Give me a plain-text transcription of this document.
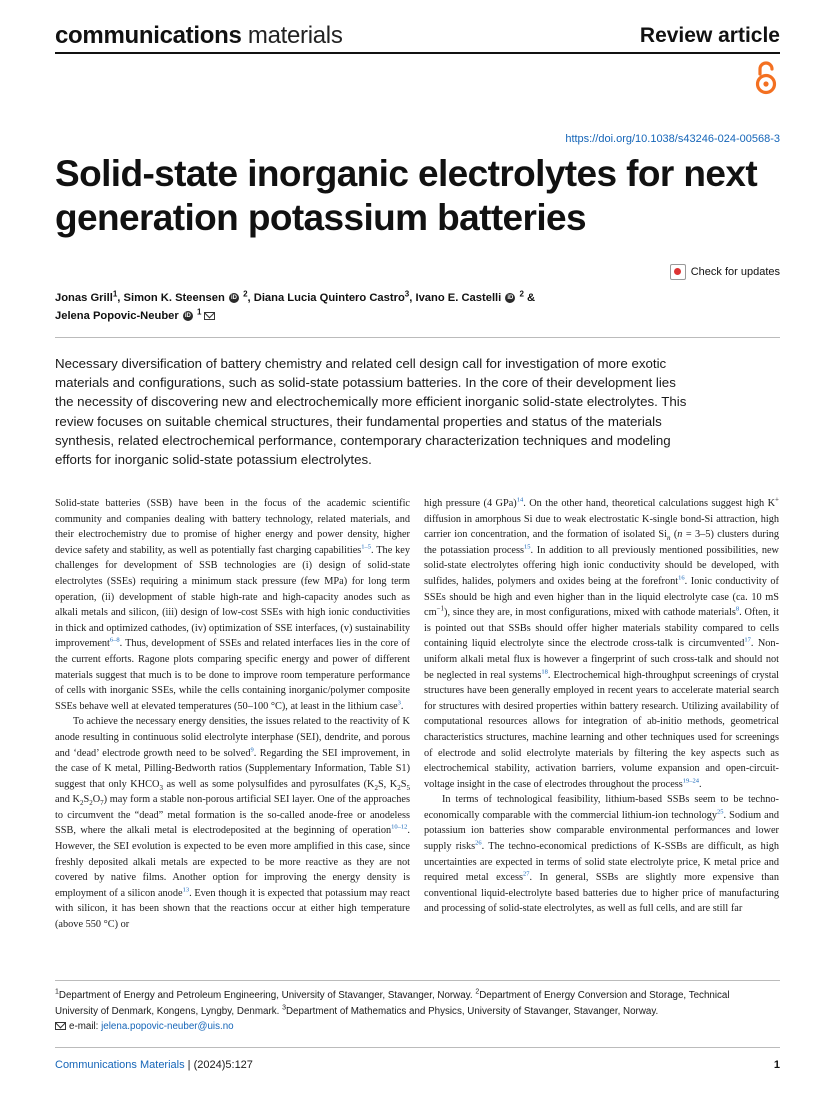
communications materials	Review article
https://doi.org/10.1038/s43246-024-00568-3
Solid-state inorganic electrolytes for next generation potassium batteries
Check for updates
Jonas Grill$^1$, Simon K. Steensen iD $^2$, Diana Lucia Quintero Castro$^3$, Ivano E. Castelli iD $^2$ &
Jelena Popovic-Neuber iD $^1$

Necessary diversification of battery chemistry and related cell design call for investigation of more exotic materials and configurations, such as solid-state potassium batteries. In the core of their development lies the necessity of discovering new and electrochemically more efficient inorganic solid-state electrolytes. This review focuses on suitable chemical structures, their fundamental properties and status of the materials synthesis, related electrochemical performance, contemporary characterization techniques and modeling efforts for inorganic solid-state potassium electrolytes.

Solid-state batteries (SSB) have been in the focus of the academic scientific community and companies dealing with battery technology, related materials, and their electrochemistry due to promise of higher energy and power density, higher device safety and stability, as well as potentially fast charging capabilities$^{1-5}$. The key challenges for development of SSB technologies are (i) design of solid-state electrolytes (SSEs) requiring a minimum stack pressure (few MPa) for long term operation, (ii) development of stable high-rate and high-capacity anodes such as alkali metals and silicon, (iii) design of low-cost SSEs with high ionic conductivities in thick and optimized cathodes, (iv) optimization of SSE interfaces, (v) sustainability improvement$^{6-8}$. Thus, development of SSEs and related interfaces lies in the core of the current efforts. Ragone plots comparing specific energy and power of different materials suggest that much is to be done to improve room temperature performance of cells with inorganic SSEs, while the cells containing inorganic/polymer composite SSEs behave well at elevated temperatures (50–100 °C), at least in the lithium case$^3$.

To achieve the necessary energy densities, the issues related to the reactivity of K anode resulting in continuous solid electrolyte interphase (SEI), dendrite, and porous and ‘dead’ electrode growth need to be solved$^9$. Regarding the SEI improvement, in the case of K metal, Pilling-Bedworth ratios (Supplementary Information, Table S1) suggest that only $KHCO_3$ as well as some polysulfides and pyrosulfates ($K_2S$, $K_2S_5$ and $K_2S_2O_7$) may form a stable non-porous artificial SEI layer. One of the approaches to circumvent the “dead” metal formation is the so-called anode-free or anodeless SSB, where the alkali metal is electrodeposited at the beginning of operation$^{10-12}$. However, the SEI evolution is expected to be even more amplified in this case, since freshly deposited alkali metals are expected to be more reactive as they are not covered by native films. Another option for improving the energy density is employment of a silicon anode$^{13}$. Even though it is expected that potassium may react with silicon, it has been shown that the reactions occur at either high temperature (above 550 °C) or

high pressure (4 GPa)$^{14}$. On the other hand, theoretical calculations suggest high K+ diffusion in amorphous Si due to weak electrostatic K-single bond-Si attraction, high carrier ion concentration, and the formation of isolated $Si_n$ (n = 3–5) clusters during the potassiation process$^{15}$. In addition to all previously mentioned possibilities, new solid-state electrolytes offering high ionic conductivity should be developed, with sulfides, halides, polymers and oxides being at the forefront$^{16}$. Ionic conductivity of SSEs should be high and even higher than in the liquid electrolyte case (ca. 10 mS $cm^{-1}$), since they are, in most configurations, mixed with cathode materials$^8$. Often, it is pointed out that SSBs should offer higher materials stability compared to cells containing liquid electrolyte since the electrode cross-talk is circumvented$^{17}$. Non-uniform alkali metal flux is however a fingerprint of such cross-talk and should not be neglected in real systems$^{18}$. Electrochemical high-throughput screenings of crystal structures have been generally employed in recent years to accelerate material search for structures with desired properties within battery research. Utilizing availability of computational resources allows for integration of ab-initio methods, geometrical characteristics structures, machine learning and other techniques used for screenings of electrode and solid electrolyte materials by filtering the key aspects such as electrochemical stability, activation barriers, volume expansion and open-circuit-voltage insight in the case of electrodes throughout the process$^{19-24}$.

In terms of technological feasibility, lithium-based SSBs seem to be techno-economically comparable with the commercial lithium-ion technology$^{25}$. Sodium and potassium ion batteries show comparable environmental performances and lower supply risks$^{26}$. The techno-economical predictions of K-SSBs are difficult, as high uncertainties are expected in terms of solid state electrolyte price, K metal price and required metal excess$^{27}$. In general, SSBs are slightly more expensive than conventional liquid-electrolyte based batteries due to higher price of manufacturing and processing of solid-state electrolytes, as well as full cells, and are still far

$^1$Department of Energy and Petroleum Engineering, University of Stavanger, Stavanger, Norway. $^2$Department of Energy Conversion and Storage, Technical University of Denmark, Kongens, Lyngby, Denmark. $^3$Department of Mathematics and Physics, University of Stavanger, Stavanger, Norway.

e-mail: jelena.popovic-neuber@uis.no

Communications Materials | (2024)5:127	1
